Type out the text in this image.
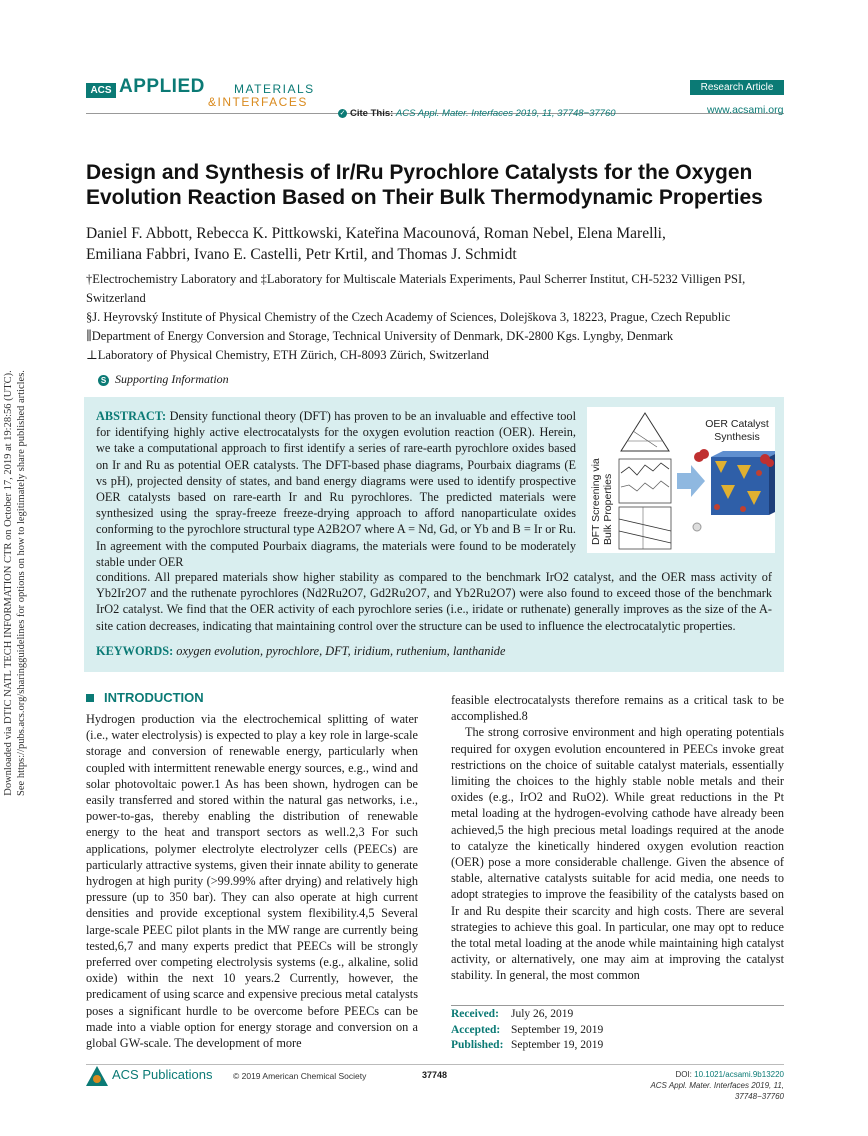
Downloaded via DTIC NATL TECH INFORMATION CTR on October 17, 2019 at 19:28:56 (UTC). See https://pubs.acs.org/sharingguidelines for options on how to legitimately share published articles.
ACS APPLIED MATERIALS
&INTERFACES
✓ Cite This: ACS Appl. Mater. Interfaces 2019, 11, 37748−37760
Research Article
www.acsami.org
Design and Synthesis of Ir/Ru Pyrochlore Catalysts for the Oxygen Evolution Reaction Based on Their Bulk Thermodynamic Properties
Daniel F. Abbott, Rebecca K. Pittkowski, Kateřina Macounová, Roman Nebel, Elena Marelli,
Emiliana Fabbri, Ivano E. Castelli, Petr Krtil, and Thomas J. Schmidt
†Electrochemistry Laboratory and ‡Laboratory for Multiscale Materials Experiments, Paul Scherrer Institut, CH-5232 Villigen PSI, Switzerland
§J. Heyrovský Institute of Physical Chemistry of the Czech Academy of Sciences, Dolejškova 3, 18223, Prague, Czech Republic
∥Department of Energy Conversion and Storage, Technical University of Denmark, DK-2800 Kgs. Lyngby, Denmark
⊥Laboratory of Physical Chemistry, ETH Zürich, CH-8093 Zürich, Switzerland
S Supporting Information
ABSTRACT: Density functional theory (DFT) has proven to be an invaluable and effective tool for identifying highly active electrocatalysts for the oxygen evolution reaction (OER). Herein, we take a computational approach to first identify a series of rare-earth pyrochlore oxides based on Ir and Ru as potential OER catalysts. The DFT-based phase diagrams, Pourbaix diagrams (E vs pH), projected density of states, and band energy diagrams were used to identify prospective OER catalysts based on rare-earth Ir and Ru pyrochlores. The predicted materials were synthesized using the spray-freeze freeze-drying approach to afford nanoparticulate oxides conforming to the pyrochlore structural type A2B2O7 where A = Nd, Gd, or Yb and B = Ir or Ru. In agreement with the computed Pourbaix diagrams, the materials were found to be moderately stable under OER
conditions. All prepared materials show higher stability as compared to the benchmark IrO2 catalyst, and the OER mass activity of Yb2Ir2O7 and the ruthenate pyrochlores (Nd2Ru2O7, Gd2Ru2O7, and Yb2Ru2O7) were also found to exceed those of the benchmark IrO2 catalyst. We find that the OER activity of each pyrochlore series (i.e., iridate or ruthenate) generally improves as the size of the A-site cation decreases, indicating that maintaining control over the structure can be used to influence the electrocatalytic properties.
KEYWORDS: oxygen evolution, pyrochlore, DFT, iridium, ruthenium, lanthanide
DFT Screening via Bulk Properties
OER Catalyst
Synthesis
INTRODUCTION

Hydrogen production via the electrochemical splitting of water (i.e., water electrolysis) is expected to play a key role in large-scale storage and conversion of renewable energy, particularly when coupled with intermittent renewable energy sources, e.g., wind and solar photovoltaic power.1 As has been shown, hydrogen can be easily transferred and stored within the natural gas networks, i.e., power-to-gas, thereby enabling the distribution of renewable energy to the heat and transport sectors as well.2,3 For such applications, polymer electrolyte electrolyzer cells (PEECs) are particularly attractive systems, given their innate ability to generate hydrogen at high purity (>99.99% after drying) and relatively high pressure (up to 350 bar). They can also operate at high current densities and provide exceptional system flexibility.4,5 Several large-scale PEEC pilot plants in the MW range are currently being tested,6,7 and many experts predict that PEECs will be strongly preferred over competing electrolysis systems (e.g., alkaline, solid oxide) within the next 10 years.2 Currently, however, the predicament of using scarce and expensive precious metal catalysts poses a significant hurdle to be overcome before PEECs can be made into a viable option for energy storage and conversion on a global GW-scale. The development of more

feasible electrocatalysts therefore remains as a critical task to be accomplished.8

The strong corrosive environment and high operating potentials required for oxygen evolution encountered in PEECs invoke great restrictions on the choice of suitable catalyst materials, essentially limiting the choices to the highly stable noble metals and their oxides (e.g., IrO2 and RuO2). While great reductions in the Pt metal loading at the hydrogen-evolving cathode have already been achieved,5 the high precious metal loadings required at the anode to catalyze the kinetically hindered oxygen evolution reaction (OER) pose a more considerable challenge. Given the absence of stable, alternative catalysts suitable for acid media, one needs to adopt strategies to improve the feasibility of the catalysts based on Ir and Ru despite their scarcity and high costs. There are several strategies to achieve this goal. In particular, one may opt to reduce the total metal loading at the anode while maintaining high catalyst activity, or alternatively, one may aim at improving the catalyst stability. In general, the most common

Received: July 26, 2019
Accepted: September 19, 2019
Published: September 19, 2019
ACS Publications © 2019 American Chemical Society	37748	DOI: 10.1021/acsami.9b13220
ACS Appl. Mater. Interfaces 2019, 11, 37748−37760
